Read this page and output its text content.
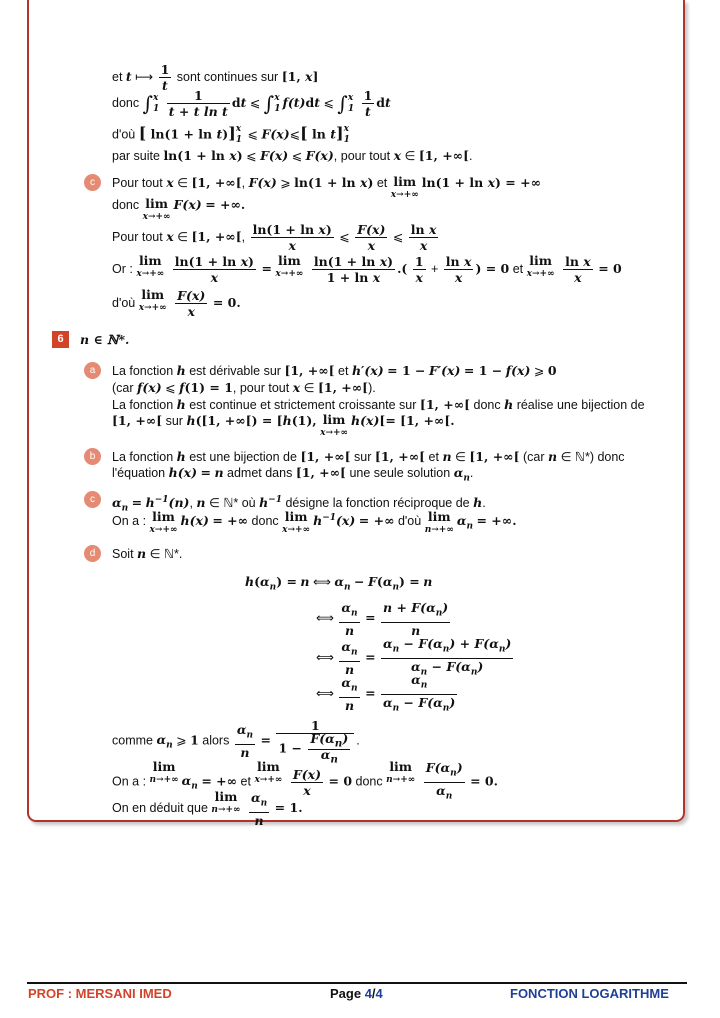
et t ⟼ $\frac{1}{t}$ sont continues sur [1, x]
donc ∫ x
1
$\frac{1}{\text{t + t ln t}}$ dt ⩽ ∫ x
1 f(t)dt ⩽ ∫ x
1
$\frac{1}{t}$ dt
d'où [ ln(1 + ln t)] x
1 ⩽ F(x)⩽[ ln t] x
1
par suite ln(1 + ln x) ⩽ F(x) ⩽ F(x), pour tout x ∈ [1, +∞[.
c	Pour tout x ∈ [1, +∞[, F(x) ⩾ ln(1 + ln x) et lim
x→+∞
ln(1 + ln x) = +∞
donc lim
x→+∞
F(x) = +∞.
Pour tout x ∈ [1, +∞[, $\frac{\text{ln(1 + ln x)}}{x}$ ⩽ $\frac{F(x)}{x}$ ⩽ $\frac{\text{ln x}}{x}$
Or : lim
x→+∞
$\frac{\text{ln(1 + ln x)}}{x} = \lim$
x→+∞
$\frac{\text{ln(1 + ln x)}}{\text{1 + ln x}}$ .( $\frac{1}{x} + \frac{\text{ln x}}{x}$ ) = 0 et lim
x→+∞
$\frac{\text{ln x}}{x} = 0$
d'où lim
x→+∞
$\frac{F(x)}{x} = 0$.
6	n ∈ ℕ*.
a	La fonction h est dérivable sur [1, +∞[ et h′(x) = 1 − F′(x) = 1 − f(x) ⩾ 0
(car f(x) ⩽ f(1) = 1, pour tout x ∈ [1, +∞[).
La fonction h est continue et strictement croissante sur [1, +∞[ donc h réalise une bijection de
[1, +∞[ sur h([1, +∞[) = [h(1), lim
x→+∞
h(x)[= [1, +∞[.
b	La fonction h est une bijection de [1, +∞[ sur [1, +∞[ et n ∈ [1, +∞[ (car n ∈ ℕ*) donc
l'équation h(x) = n admet dans [1, +∞[ une seule solution $\alpha_n$.
c	$\alpha_n = h^{-1}(n)$, n ∈ ℕ* où $h^{-1}$ désigne la fonction réciproque de h.
On a : lim
x→+∞
h(x) = +∞ donc lim
x→+∞
$h^{-1}(x)$ = +∞ d'où lim
n→+∞
$\alpha_n$ = +∞.
d	Soit n ∈ ℕ*.
$h(\alpha_n) = n$ ⟺ $\alpha_n - F(\alpha_n) = n$
⟺ $\frac{\alpha_n}{n} = \frac{n + F(\alpha_n)}{n}$
⟺ $\frac{\alpha_n}{n} = \frac{\alpha_n - F(\alpha_n) + F(\alpha_n)}{\alpha_n - F(\alpha_n)}$
⟺ $\frac{\alpha_n}{n} = \frac{\alpha_n}{\alpha_n - F(\alpha_n)}$
comme $\alpha_n$ ⩾ 1 alors $\frac{\alpha_n}{n} = \frac{1}{1 - \frac{F(\alpha_n)}{\alpha_n}}$ .
On a : lim
n→+∞ $\alpha_n$ = +∞ et lim
x→+∞
$\frac{F(x)}{x} = 0$ donc lim
n→+∞
$\frac{F(\alpha_n)}{\alpha_n} = 0$.
On en déduit que lim
n→+∞
$\frac{\alpha_n}{n} = 1$.
PROF : MERSANI IMED	Page 4/4	FONCTION LOGARITHME
